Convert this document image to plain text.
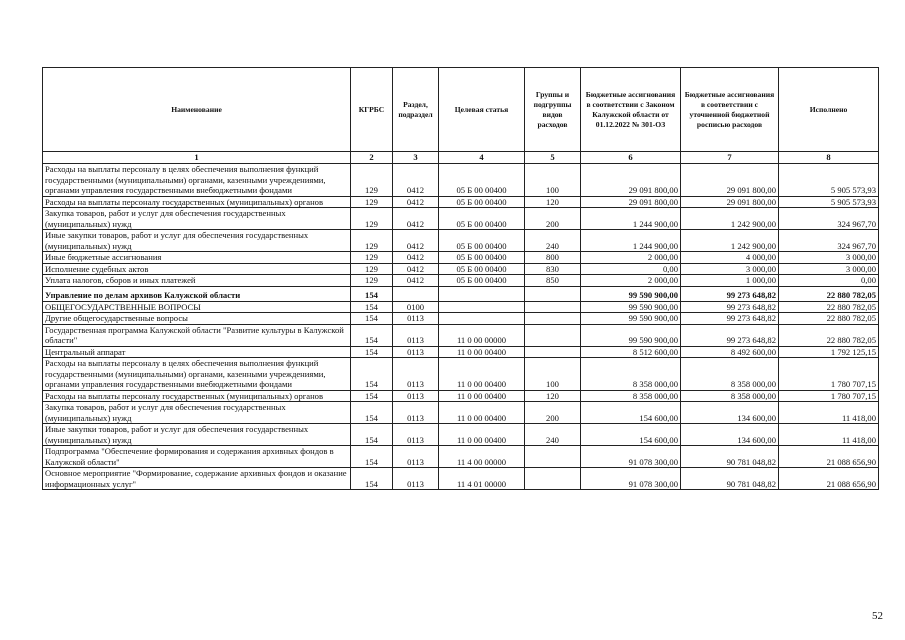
Наименование	КГРБС	Раздел, подраздел	Целевая статья	Группы и подгруппы видов расходов	Бюджетные ассигнования в соответствии с Законом Калужской области от 01.12.2022 № 301-ОЗ	Бюджетные ассигнования в соответствии с уточненной бюджетной росписью расходов	Исполнено
1	2	3	4	5	6	7	8
Расходы на выплаты персоналу в целях обеспечения выполнения функций государственными (муниципальными) органами, казенными учреждениями, органами управления государственными внебюджетными фондами	129	0412	05 Б 00 00400	100	29 091 800,00	29 091 800,00	5 905 573,93
Расходы на выплаты персоналу государственных (муниципальных) органов	129	0412	05 Б 00 00400	120	29 091 800,00	29 091 800,00	5 905 573,93
Закупка товаров, работ и услуг для обеспечения государственных (муниципальных) нужд	129	0412	05 Б 00 00400	200	1 244 900,00	1 242 900,00	324 967,70
Иные закупки товаров, работ и услуг для обеспечения государственных (муниципальных) нужд	129	0412	05 Б 00 00400	240	1 244 900,00	1 242 900,00	324 967,70
Иные бюджетные ассигнования	129	0412	05 Б 00 00400	800	2 000,00	4 000,00	3 000,00
Исполнение судебных актов	129	0412	05 Б 00 00400	830	0,00	3 000,00	3 000,00
Уплата налогов, сборов и иных платежей	129	0412	05 Б 00 00400	850	2 000,00	1 000,00	0,00
Управление по делам архивов Калужской области	154				99 590 900,00	99 273 648,82	22 880 782,05
ОБЩЕГОСУДАРСТВЕННЫЕ ВОПРОСЫ	154	0100			99 590 900,00	99 273 648,82	22 880 782,05
Другие общегосударственные вопросы	154	0113			99 590 900,00	99 273 648,82	22 880 782,05
Государственная программа Калужской области "Развитие культуры в Калужской области"	154	0113	11 0 00 00000		99 590 900,00	99 273 648,82	22 880 782,05
Центральный аппарат	154	0113	11 0 00 00400		8 512 600,00	8 492 600,00	1 792 125,15
Расходы на выплаты персоналу в целях обеспечения выполнения функций государственными (муниципальными) органами, казенными учреждениями, органами управления государственными внебюджетными фондами	154	0113	11 0 00 00400	100	8 358 000,00	8 358 000,00	1 780 707,15
Расходы на выплаты персоналу государственных (муниципальных) органов	154	0113	11 0 00 00400	120	8 358 000,00	8 358 000,00	1 780 707,15
Закупка товаров, работ и услуг для обеспечения государственных (муниципальных) нужд	154	0113	11 0 00 00400	200	154 600,00	134 600,00	11 418,00
Иные закупки товаров, работ и услуг для обеспечения государственных (муниципальных) нужд	154	0113	11 0 00 00400	240	154 600,00	134 600,00	11 418,00
Подпрограмма "Обеспечение формирования и содержания архивных фондов в Калужской области"	154	0113	11 4 00 00000		91 078 300,00	90 781 048,82	21 088 656,90
Основное мероприятие "Формирование, содержание архивных фондов и оказание информационных услуг"	154	0113	11 4 01 00000		91 078 300,00	90 781 048,82	21 088 656,90
52
